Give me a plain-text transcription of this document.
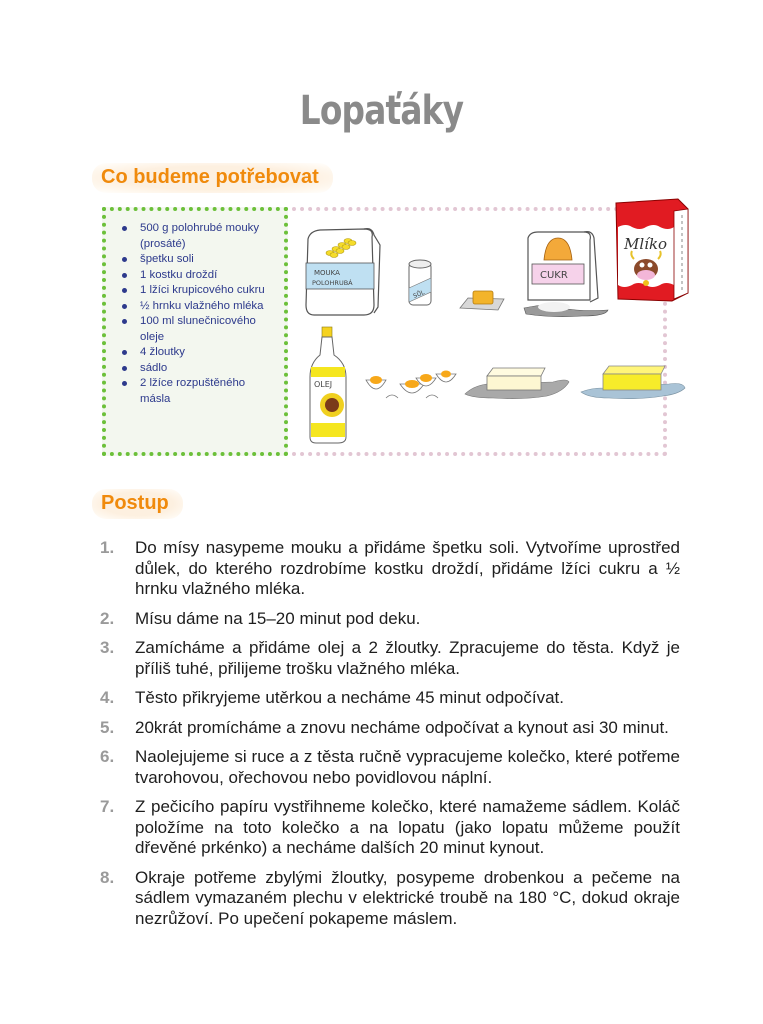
Lopaťáky
Co budeme potřebovat
500 g polohrubé mouky (prosáté)
špetku soli
1 kostku droždí
1 lžíci krupicového cukru
½ hrnku vlažného mléka
100 ml slunečnicového oleje
4 žloutky
sádlo
2 lžíce rozpuštěného másla
MOUKA
POLOHRUBÁ
SŮL
CUKR
Mlíko
OLEJ
Postup
1.	Do mísy nasypeme mouku a přidáme špetku soli. Vytvoříme uprostřed důlek, do kterého rozdrobíme kostku droždí, přidáme lžíci cukru a ½ hrnku vlažného mléka.
2.	Mísu dáme na 15–20 minut pod deku.
3.	Zamícháme a přidáme olej a 2 žloutky. Zpracujeme do těsta. Když je příliš tuhé, přilijeme trošku vlažného mléka.
4.	Těsto přikryjeme utěrkou a necháme 45 minut odpočívat.
5.	20krát promícháme a znovu necháme odpočívat a kynout asi 30 minut.
6.	Naolejujeme si ruce a z těsta ručně vypracujeme kolečko, které potřeme tvarohovou, ořechovou nebo povidlovou náplní.
7.	Z pečicího papíru vystřihneme kolečko, které namažeme sádlem. Koláč položíme na toto kolečko a na lopatu (jako lopatu můžeme použít dřevěné prkénko) a necháme dalších 20 minut kynout.
8.	Okraje potřeme zbylými žloutky, posypeme drobenkou a pečeme na sádlem vymazaném plechu v elektrické troubě na 180 °C, dokud okraje nezrůžoví. Po upečení pokapeme máslem.
